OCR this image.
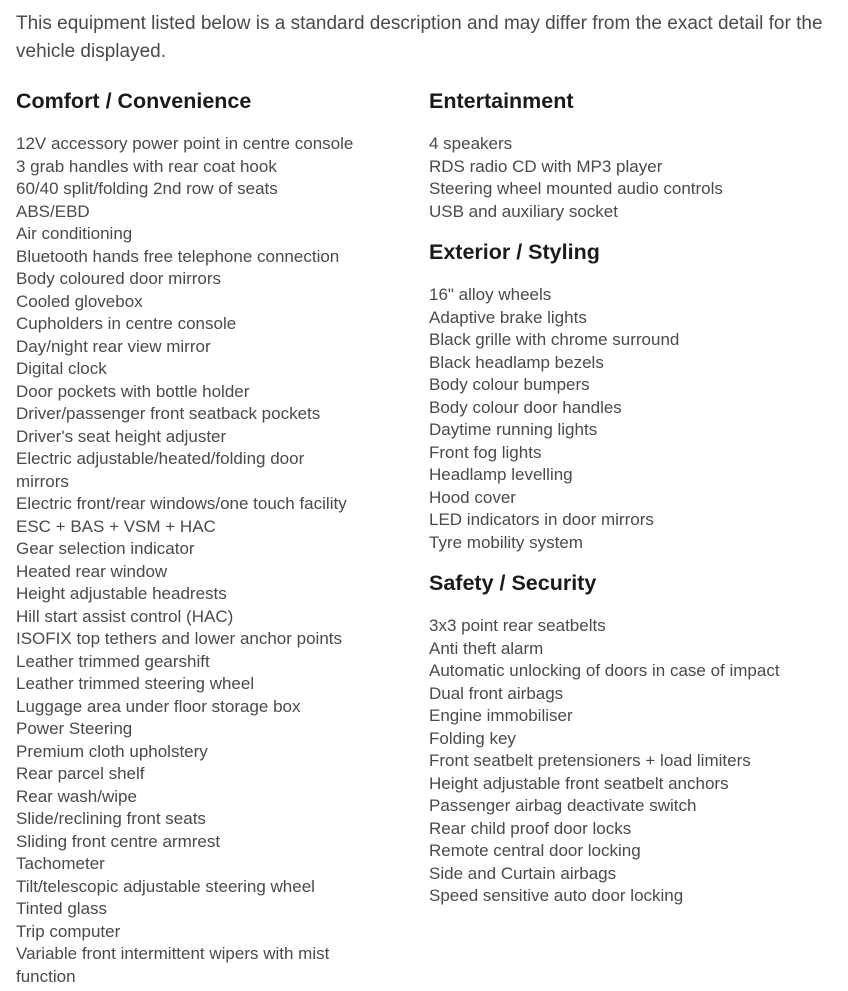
This equipment listed below is a standard description and may differ from the exact detail for the vehicle displayed.

Comfort / Convenience
12V accessory power point in centre console
3 grab handles with rear coat hook
60/40 split/folding 2nd row of seats
ABS/EBD
Air conditioning
Bluetooth hands free telephone connection
Body coloured door mirrors
Cooled glovebox
Cupholders in centre console
Day/night rear view mirror
Digital clock
Door pockets with bottle holder
Driver/passenger front seatback pockets
Driver's seat height adjuster
Electric adjustable/heated/folding door mirrors
Electric front/rear windows/one touch facility
ESC + BAS + VSM + HAC
Gear selection indicator
Heated rear window
Height adjustable headrests
Hill start assist control (HAC)
ISOFIX top tethers and lower anchor points
Leather trimmed gearshift
Leather trimmed steering wheel
Luggage area under floor storage box
Power Steering
Premium cloth upholstery
Rear parcel shelf
Rear wash/wipe
Slide/reclining front seats
Sliding front centre armrest
Tachometer
Tilt/telescopic adjustable steering wheel
Tinted glass
Trip computer
Variable front intermittent wipers with mist function
Entertainment
4 speakers
RDS radio CD with MP3 player
Steering wheel mounted audio controls
USB and auxiliary socket
Exterior / Styling
16" alloy wheels
Adaptive brake lights
Black grille with chrome surround
Black headlamp bezels
Body colour bumpers
Body colour door handles
Daytime running lights
Front fog lights
Headlamp levelling
Hood cover
LED indicators in door mirrors
Tyre mobility system
Safety / Security
3x3 point rear seatbelts
Anti theft alarm
Automatic unlocking of doors in case of impact
Dual front airbags
Engine immobiliser
Folding key
Front seatbelt pretensioners + load limiters
Height adjustable front seatbelt anchors
Passenger airbag deactivate switch
Rear child proof door locks
Remote central door locking
Side and Curtain airbags
Speed sensitive auto door locking
